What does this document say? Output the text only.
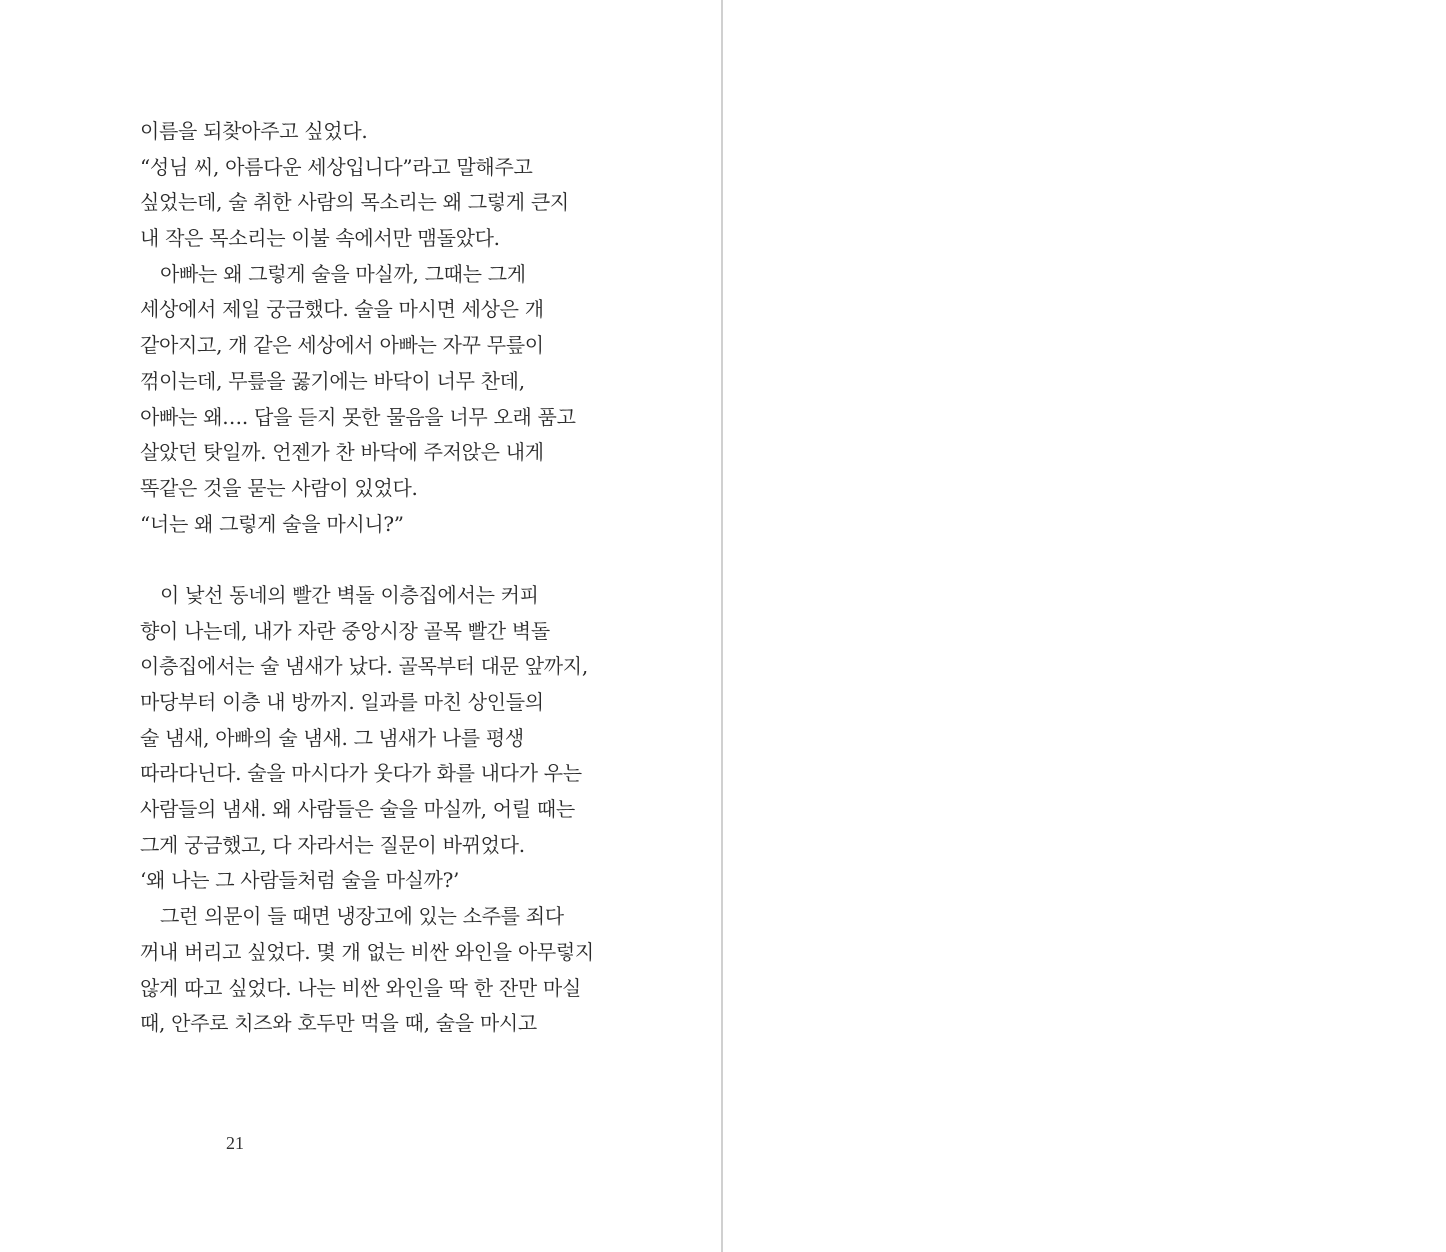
이름을 되찾아주고 싶었다.
“성님 씨, 아름다운 세상입니다”라고 말해주고
싶었는데, 술 취한 사람의 목소리는 왜 그렇게 큰지
내 작은 목소리는 이불 속에서만 맴돌았다.
아빠는 왜 그렇게 술을 마실까, 그때는 그게
세상에서 제일 궁금했다. 술을 마시면 세상은 개
같아지고, 개 같은 세상에서 아빠는 자꾸 무릎이
꺾이는데, 무릎을 꿇기에는 바닥이 너무 찬데,
아빠는 왜…. 답을 듣지 못한 물음을 너무 오래 품고
살았던 탓일까. 언젠가 찬 바닥에 주저앉은 내게
똑같은 것을 묻는 사람이 있었다.
“너는 왜 그렇게 술을 마시니?”
이 낯선 동네의 빨간 벽돌 이층집에서는 커피
향이 나는데, 내가 자란 중앙시장 골목 빨간 벽돌
이층집에서는 술 냄새가 났다. 골목부터 대문 앞까지,
마당부터 이층 내 방까지. 일과를 마친 상인들의
술 냄새, 아빠의 술 냄새. 그 냄새가 나를 평생
따라다닌다. 술을 마시다가 웃다가 화를 내다가 우는
사람들의 냄새. 왜 사람들은 술을 마실까, 어릴 때는
그게 궁금했고, 다 자라서는 질문이 바뀌었다.
‘왜 나는 그 사람들처럼 술을 마실까?’
그런 의문이 들 때면 냉장고에 있는 소주를 죄다
꺼내 버리고 싶었다. 몇 개 없는 비싼 와인을 아무렇지
않게 따고 싶었다. 나는 비싼 와인을 딱 한 잔만 마실
때, 안주로 치즈와 호두만 먹을 때, 술을 마시고
21
